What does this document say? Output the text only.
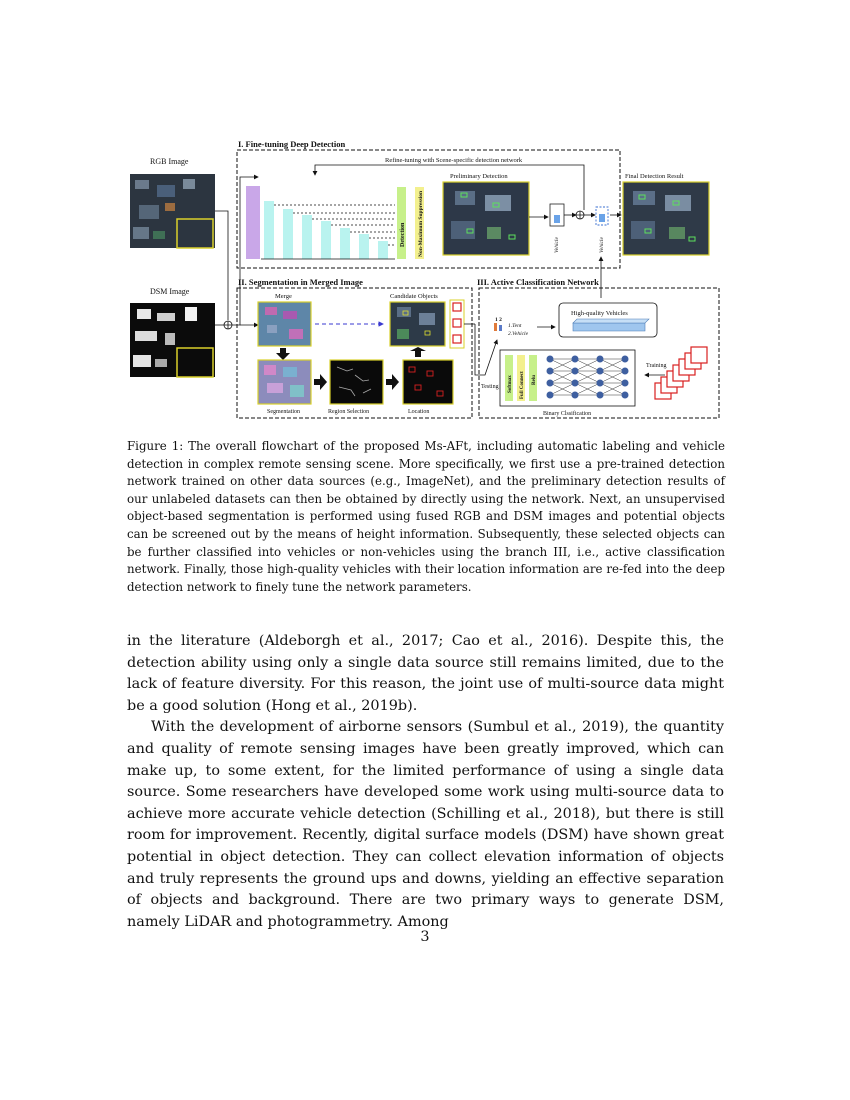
RGB Image
DSM Image
I. Fine-tuning Deep Detection
Refine-tuning with Scene-specific detection network
Detection Non-Maximum Suppression
Preliminary Detection
Vehicle	Vehicle
Final Detection Result
II. Segmentation in Merged Image
Merge	Candidate Objects
Segmentation	Region Selection	Location
III. Active Classification Network
1 2
1.Tent
2.Vehicle
High-quality Vehicles
Testing Softmax Full Connect Relu
Binary Clssification
Training

Figure 1: The overall flowchart of the proposed Ms-AFt, including automatic labeling and vehicle detection in complex remote sensing scene. More specifically, we first use a pre-trained detection network trained on other data sources (e.g., ImageNet), and the preliminary detection results of our unlabeled datasets can then be obtained by directly using the network. Next, an unsupervised object-based segmentation is performed using fused RGB and DSM images and potential objects can be screened out by the means of height information. Subsequently, these selected objects can be further classified into vehicles or non-vehicles using the branch III, i.e., active classification network. Finally, those high-quality vehicles with their location information are re-fed into the deep detection network to finely tune the network parameters.

in the literature (Aldeborgh et al., 2017; Cao et al., 2016). Despite this, the detection ability using only a single data source still remains limited, due to the lack of feature diversity. For this reason, the joint use of multi-source data might be a good solution (Hong et al., 2019b).

With the development of airborne sensors (Sumbul et al., 2019), the quantity and quality of remote sensing images have been greatly improved, which can make up, to some extent, for the limited performance of using a single data source. Some researchers have developed some work using multi-source data to achieve more accurate vehicle detection (Schilling et al., 2018), but there is still room for improvement. Recently, digital surface models (DSM) have shown great potential in object detection. They can collect elevation information of objects and truly represents the ground ups and downs, yielding an effective separation of objects and background. There are two primary ways to generate DSM, namely LiDAR and photogrammetry. Among

3
